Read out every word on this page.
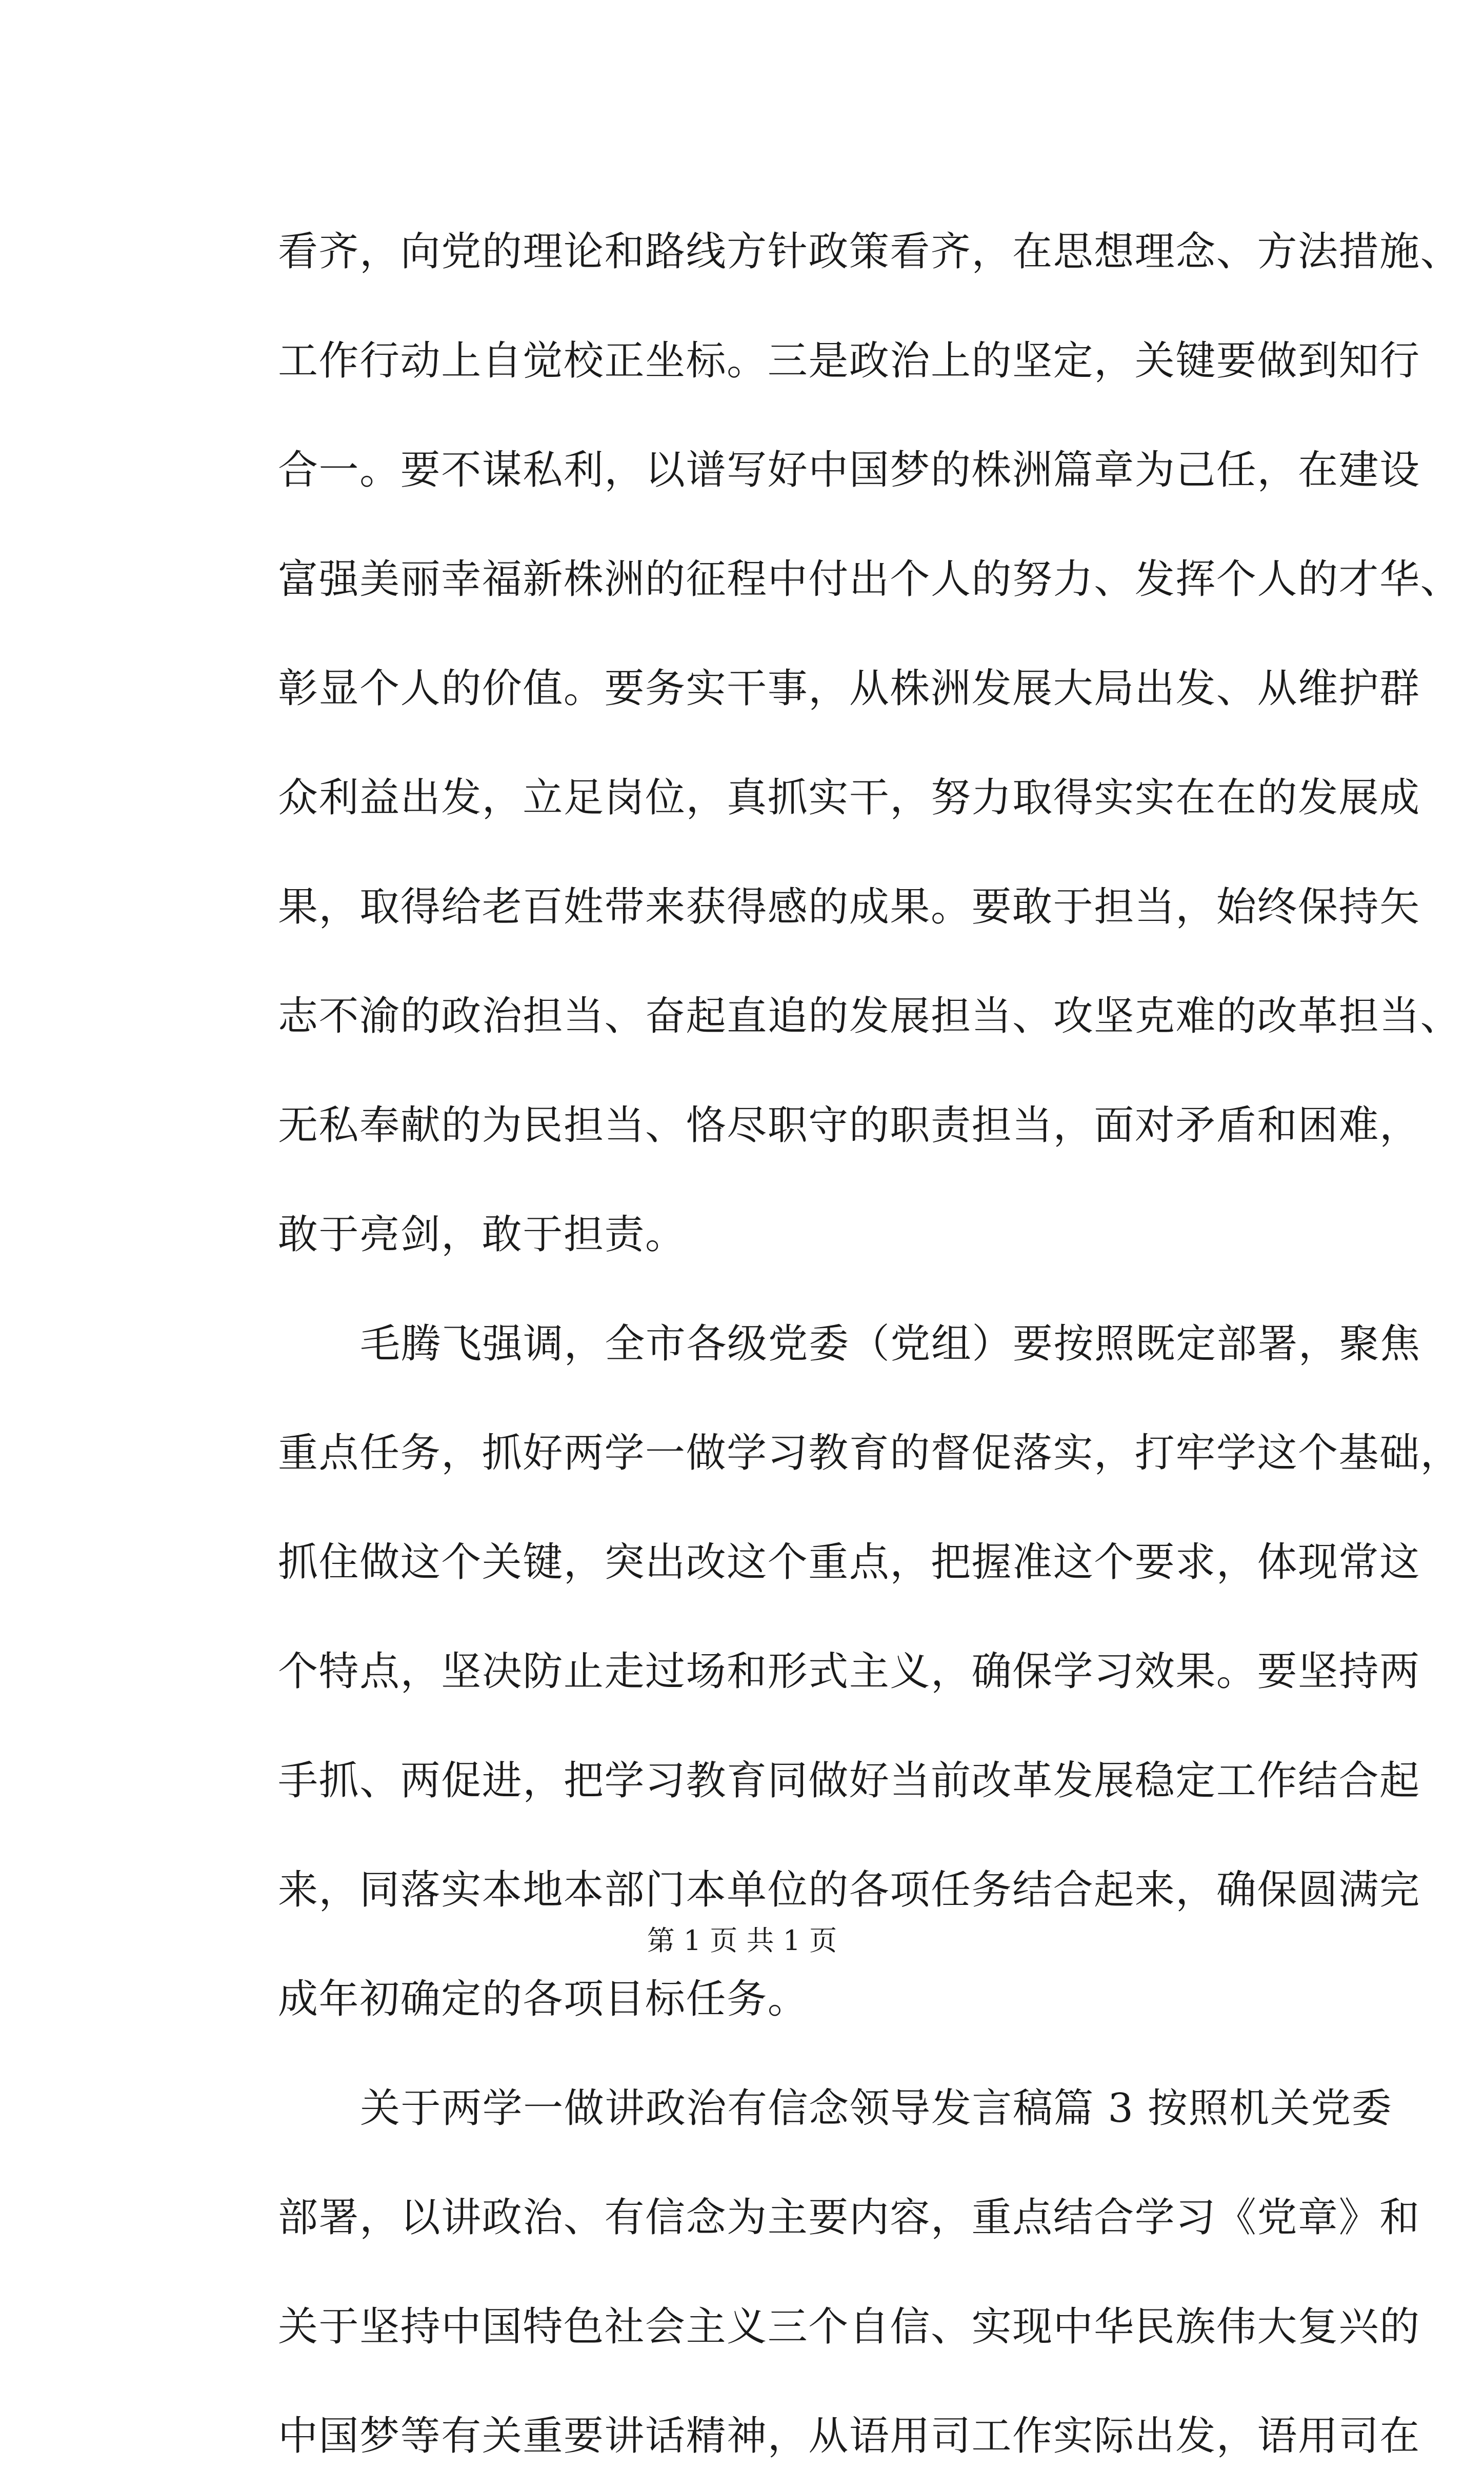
看齐，向党的理论和路线方针政策看齐，在思想理念、方法措施、
工作行动上自觉校正坐标。三是政治上的坚定，关键要做到知行
合一。要不谋私利，以谱写好中国梦的株洲篇章为己任，在建设
富强美丽幸福新株洲的征程中付出个人的努力、发挥个人的才华、
彰显个人的价值。要务实干事，从株洲发展大局出发、从维护群
众利益出发，立足岗位，真抓实干，努力取得实实在在的发展成
果，取得给老百姓带来获得感的成果。要敢于担当，始终保持矢
志不渝的政治担当、奋起直追的发展担当、攻坚克难的改革担当、
无私奉献的为民担当、恪尽职守的职责担当，面对矛盾和困难，
敢于亮剑，敢于担责。
毛腾飞强调，全市各级党委（党组）要按照既定部署，聚焦
重点任务，抓好两学一做学习教育的督促落实，打牢学这个基础，
抓住做这个关键，突出改这个重点，把握准这个要求，体现常这
个特点，坚决防止走过场和形式主义，确保学习效果。要坚持两
手抓、两促进，把学习教育同做好当前改革发展稳定工作结合起
来，同落实本地本部门本单位的各项任务结合起来，确保圆满完
成年初确定的各项目标任务。
关于两学一做讲政治有信念领导发言稿篇 3 按照机关党委
部署，以讲政治、有信念为主要内容，重点结合学习《党章》和
关于坚持中国特色社会主义三个自信、实现中华民族伟大复兴的
中国梦等有关重要讲话精神，从语用司工作实际出发，语用司在
第 1 页 共 1 页
